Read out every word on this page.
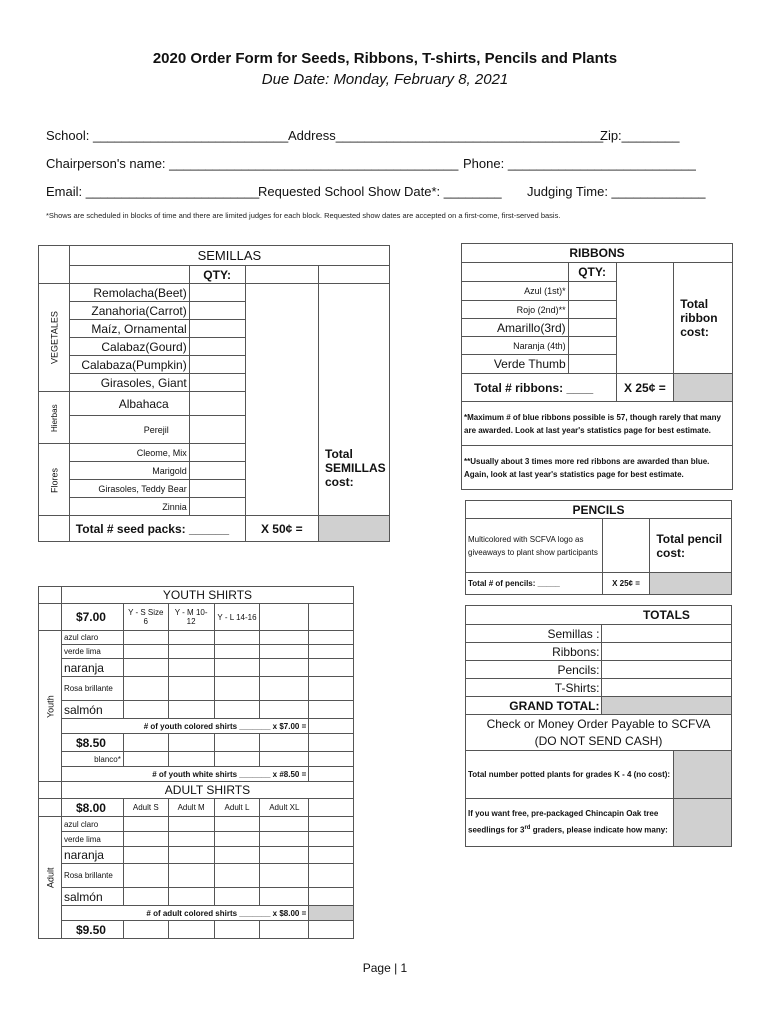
2020 Order Form for Seeds, Ribbons, T-shirts, Pencils and Plants
Due Date: Monday, February 8, 2021
School: ___________________________ Address_____________________________________
Zip:________
Chairperson's name: ________________________________________ Phone: __________________________
Email: ________________________
Requested School Show Date*: ________ Judging Time: _____________
*Shows are scheduled in blocks of time and there are limited judges for each block. Requested show dates are accepted on a first-come, first-served basis.
	SEMILLAS			
		QTY:		
VEGETALES	Remolacha(Beet)			Total SEMILLAS cost:
	Zanahoria(Carrot)			
	Maíz, Ornamental			
	Calabaz(Gourd)			
	Calabaza(Pumpkin)			
	Girasoles, Giant			
Hierbas	Albahaca			
	Perejil			
Flores	Cleome, Mix			
	Marigold			
	Girasoles, Teddy Bear			
	Zinnia			
	Total # seed packs: ______		X 50¢ =	
RIBBONS			
	QTY:		Total ribbon cost:
Azul (1st)*			
Rojo (2nd)**			
Amarillo(3rd)			
Naranja (4th)			
Verde Thumb			
Total # ribbons: ____		X 25¢ =	
*Maximum # of blue ribbons possible is 57, though rarely that many are awarded. Look at last year's statistics page for best estimate.			
**Usually about 3 times more red ribbons are awarded than blue. Again, look at last year's statistics page for best estimate.			
PENCILS		
Multicolored with SCFVA logo as giveaways to plant show participants		Total pencil cost:
Total # of pencils: _____	X 25¢ =	
	TOTALS	
Semillas :		
Ribbons:		
Pencils:		
T-Shirts:		
GRAND TOTAL:		

Check or Money Order Payable to SCFVA
(DO NOT SEND CASH)		

Total number potted plants for grades K - 4 (no cost):		
If you want free, pre-packaged Chincapin Oak tree seedlings for 3rd graders, please indicate how many:		
	YOUTH SHIRTS					
	$7.00	Y - S Size 6	Y - M 10-12	Y - L 14-16		
Youth	azul claro					
	verde lima					
	naranja					
	Rosa brillante					
	salmón					
	# of youth colored shirts _______ x $7.00 =					
	$8.50					
	blanco*					
	# of youth white shirts _______ x #8.50 =					
	ADULT SHIRTS					
	$8.00	Adult S	Adult M	Adult L	Adult XL	
Adult	azul claro					
	verde lima					
	naranja					
	Rosa brillante					
	salmón					
	# of adult colored shirts _______ x $8.00 =					
	$9.50					
Page | 1
